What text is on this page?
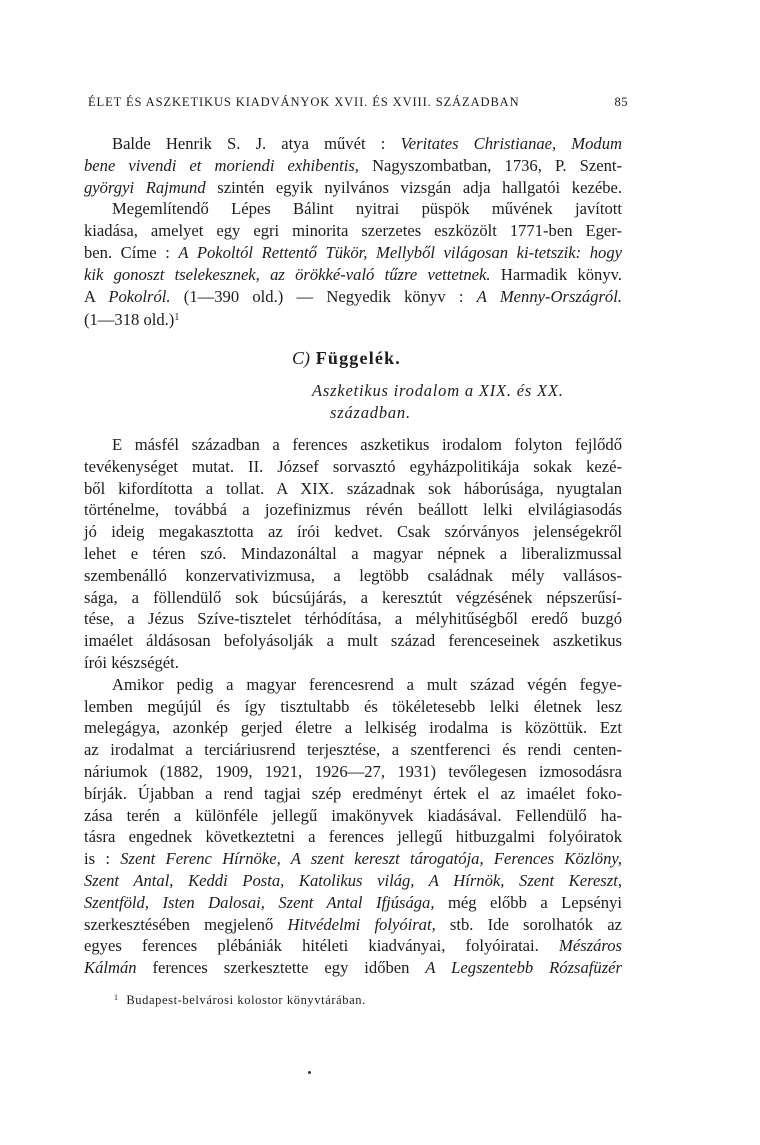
ÉLET ÉS ASZKETIKUS KIADVÁNYOK XVII. ÉS XVIII. SZÁZADBAN	85
Balde Henrik S. J. atya művét : Veritates Christianae, Modum
bene vivendi et moriendi exhibentis, Nagyszombatban, 1736, P. Szent-
györgyi Rajmund szintén egyik nyilvános vizsgán adja hallgatói kezébe.
Megemlítendő Lépes Bálint nyitrai püspök művének javított
kiadása, amelyet egy egri minorita szerzetes eszközölt 1771-ben Eger-
ben. Címe : A Pokoltól Rettentő Tükör, Mellyből világosan ki-tetszik: hogy
kik gonoszt tselekesznek, az örökké-való tűzre vettetnek. Harmadik könyv.
A Pokolról. (1—390 old.) — Negyedik könyv : A Menny-Országról.
(1—318 old.)$^1$
C) Függelék.
Aszketikus irodalom a XIX. és XX.
században.
E másfél században a ferences aszketikus irodalom folyton fejlődő
tevékenységet mutat. II. József sorvasztó egyházpolitikája sokak kezé-
ből kifordította a tollat. A XIX. századnak sok háborúsága, nyugtalan
történelme, továbbá a jozefinizmus révén beállott lelki elvilágiasodás
jó ideig megakasztotta az írói kedvet. Csak szórványos jelenségekről
lehet e téren szó. Mindazonáltal a magyar népnek a liberalizmussal
szembenálló konzervativizmusa, a legtöbb családnak mély vallásos-
sága, a föllendülő sok búcsújárás, a keresztút végzésének népszerűsí-
tése, a Jézus Szíve-tisztelet térhódítása, a mélyhitűségből eredő buzgó
imaélet áldásosan befolyásolják a mult század ferenceseinek aszketikus
írói készségét.
Amikor pedig a magyar ferencesrend a mult század végén fegye-
lemben megújúl és így tisztultabb és tökéletesebb lelki életnek lesz
melegágya, azonkép gerjed életre a lelkiség irodalma is közöttük. Ezt
az irodalmat a terciáriusrend terjesztése, a szentferenci és rendi centen-
náriumok (1882, 1909, 1921, 1926—27, 1931) tevőlegesen izmosodásra
bírják. Újabban a rend tagjai szép eredményt értek el az imaélet foko-
zása terén a különféle jellegű imakönyvek kiadásával. Fellendülő ha-
tásra engednek következtetni a ferences jellegű hitbuzgalmi folyóiratok
is : Szent Ferenc Hírnöke, A szent kereszt tárogatója, Ferences Közlöny,
Szent Antal, Keddi Posta, Katolikus világ, A Hírnök, Szent Kereszt,
Szentföld, Isten Dalosai, Szent Antal Ifjúsága, még előbb a Lepsényi
szerkesztésében megjelenő Hitvédelmi folyóirat, stb. Ide sorolhatók az
egyes ferences plébániák hitéleti kiadványai, folyóiratai. Mészáros
Kálmán ferences szerkesztette egy időben A Legszentebb Rózsafüzér
$^1$ Budapest-belvárosi kolostor könyvtárában.
